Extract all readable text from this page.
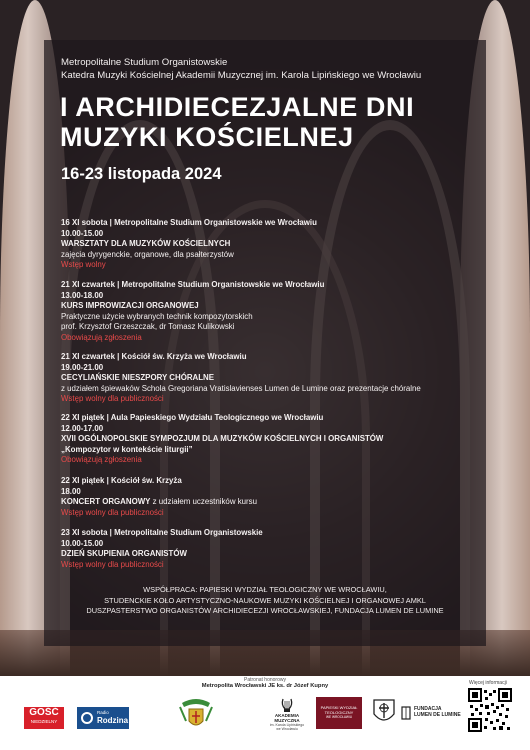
Metropolitalne Studium Organistowskie
Katedra Muzyki Kościelnej Akademii Muzycznej im. Karola Lipińskiego we Wrocławiu
I ARCHIDIECEZJALNE DNI
MUZYKI KOŚCIELNEJ
16-23 listopada 2024
16 XI sobota | Metropolitalne Studium Organistowskie we Wrocławiu
10.00-15.00
WARSZTATY DLA MUZYKÓW KOŚCIELNYCH
zajęcia dyrygenckie, organowe, dla psałterzystów
Wstęp wolny
21 XI czwartek | Metropolitalne Studium Organistowskie we Wrocławiu
13.00-18.00
KURS IMPROWIZACJI ORGANOWEJ
Praktyczne użycie wybranych technik kompozytorskich
prof. Krzysztof Grzeszczak, dr Tomasz Kulikowski
Obowiązują zgłoszenia
21 XI czwartek | Kościół św. Krzyża we Wrocławiu
19.00-21.00
CECYLIAŃSKIE NIESZPORY CHÓRALNE
z udziałem śpiewaków Schola Gregoriana Vratislavienses Lumen de Lumine oraz prezentacje chóralne
Wstęp wolny dla publiczności
22 XI piątek | Aula Papieskiego Wydziału Teologicznego we Wrocławiu
12.00-17.00
XVII OGÓLNOPOLSKIE SYMPOZJUM DLA MUZYKÓW KOŚCIELNYCH I ORGANISTÓW
„Kompozytor w kontekście liturgii”
Obowiązują zgłoszenia
22 XI piątek | Kościół św. Krzyża
18.00
KONCERT ORGANOWY z udziałem uczestników kursu
Wstęp wolny dla publiczności
23 XI sobota | Metropolitalne Studium Organistowskie
10.00-15.00
DZIEŃ SKUPIENIA ORGANISTÓW
Wstęp wolny dla publiczności
WSPÓŁPRACA: PAPIESKI WYDZIAŁ TEOLOGICZNY WE WROCŁAWIU,
STUDENCKIE KOŁO ARTYSTYCZNO-NAUKOWE MUZYKI KOŚCIELNEJ I ORGANOWEJ AMKL
DUSZPASTERSTWO ORGANISTÓW ARCHIDIECEZJI WROCŁAWSKIEJ, FUNDACJA LUMEN DE LUMINE
Patronat honorowy
Metropolita Wrocławski JE ks. dr Józef Kupny
GOŚĆ
NIEDZIELNY
Radio
Rodzina
AKADEMIA MUZYCZNA
im. Karola Lipińskiego
we Wrocławiu
PAPIESKI WYDZIAŁ
TEOLOGICZNY
WE WROCŁAWIU
FUNDACJA
LUMEN DE LUMINE
Więcej informacji
